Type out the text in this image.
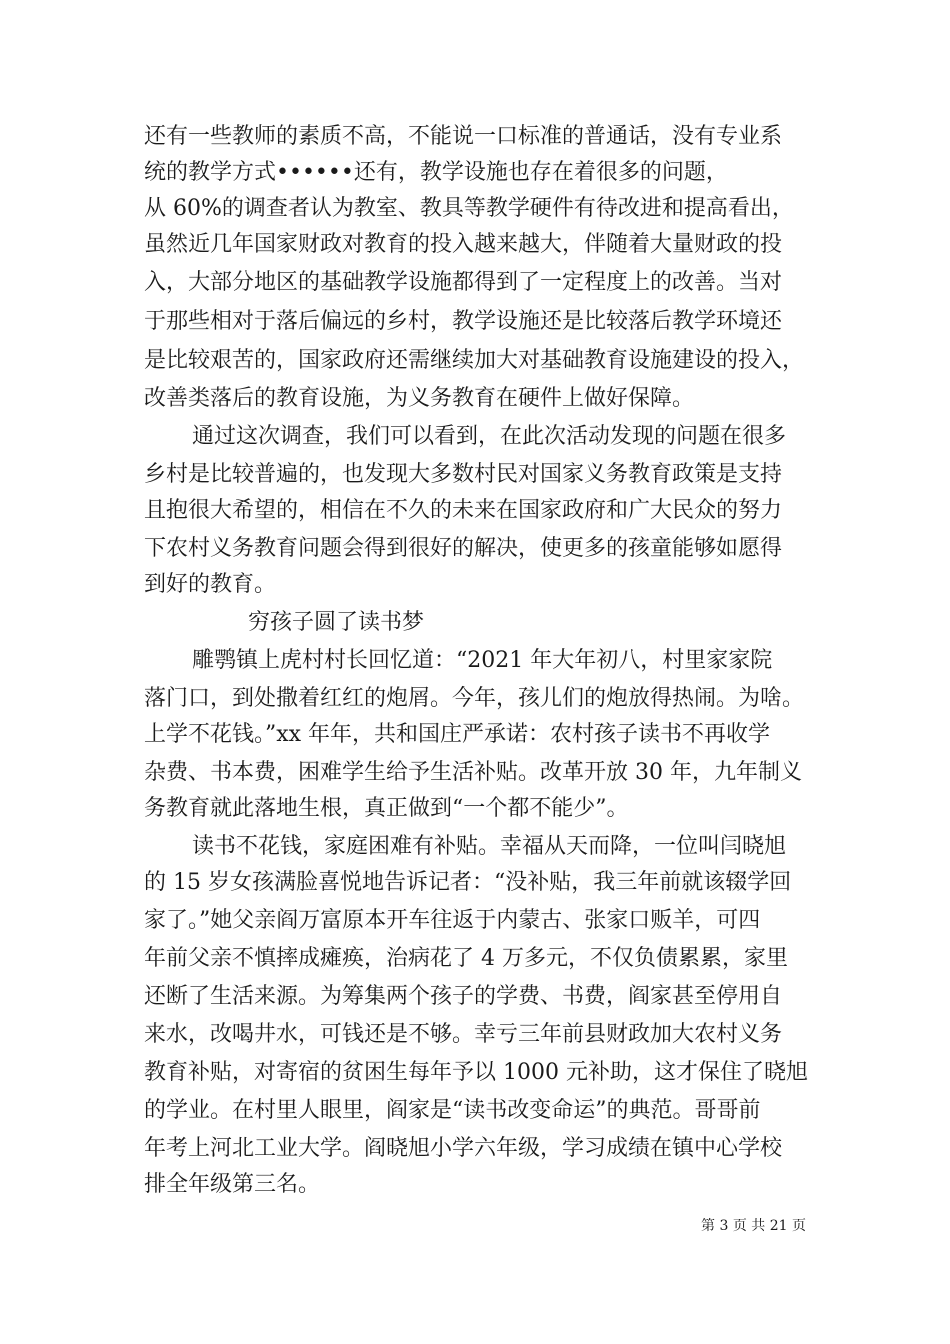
还有一些教师的素质不高，不能说一口标准的普通话，没有专业系
统的教学方式••••••还有，教学设施也存在着很多的问题，
从 60%的调查者认为教室、教具等教学硬件有待改进和提高看出，
虽然近几年国家财政对教育的投入越来越大，伴随着大量财政的投
入，大部分地区的基础教学设施都得到了一定程度上的改善。当对
于那些相对于落后偏远的乡村，教学设施还是比较落后教学环境还
是比较艰苦的，国家政府还需继续加大对基础教育设施建设的投入，
改善类落后的教育设施，为义务教育在硬件上做好保障。
通过这次调查，我们可以看到，在此次活动发现的问题在很多
乡村是比较普遍的，也发现大多数村民对国家义务教育政策是支持
且抱很大希望的，相信在不久的未来在国家政府和广大民众的努力
下农村义务教育问题会得到很好的解决，使更多的孩童能够如愿得
到好的教育。
穷孩子圆了读书梦
雕鹗镇上虎村村长回忆道：“2021 年大年初八，村里家家院
落门口，到处撒着红红的炮屑。今年，孩儿们的炮放得热闹。为啥。
上学不花钱。”xx 年年，共和国庄严承诺：农村孩子读书不再收学
杂费、书本费，困难学生给予生活补贴。改革开放 30 年，九年制义
务教育就此落地生根，真正做到“一个都不能少”。
读书不花钱，家庭困难有补贴。幸福从天而降，一位叫闫晓旭
的 15 岁女孩满脸喜悦地告诉记者：“没补贴，我三年前就该辍学回
家了。”她父亲阎万富原本开车往返于内蒙古、张家口贩羊，可四
年前父亲不慎摔成瘫痪，治病花了 4 万多元，不仅负债累累，家里
还断了生活来源。为筹集两个孩子的学费、书费，阎家甚至停用自
来水，改喝井水，可钱还是不够。幸亏三年前县财政加大农村义务
教育补贴，对寄宿的贫困生每年予以 1000 元补助，这才保住了晓旭
的学业。在村里人眼里，阎家是“读书改变命运”的典范。哥哥前
年考上河北工业大学。阎晓旭小学六年级，学习成绩在镇中心学校
排全年级第三名。
第 3 页 共 21 页
